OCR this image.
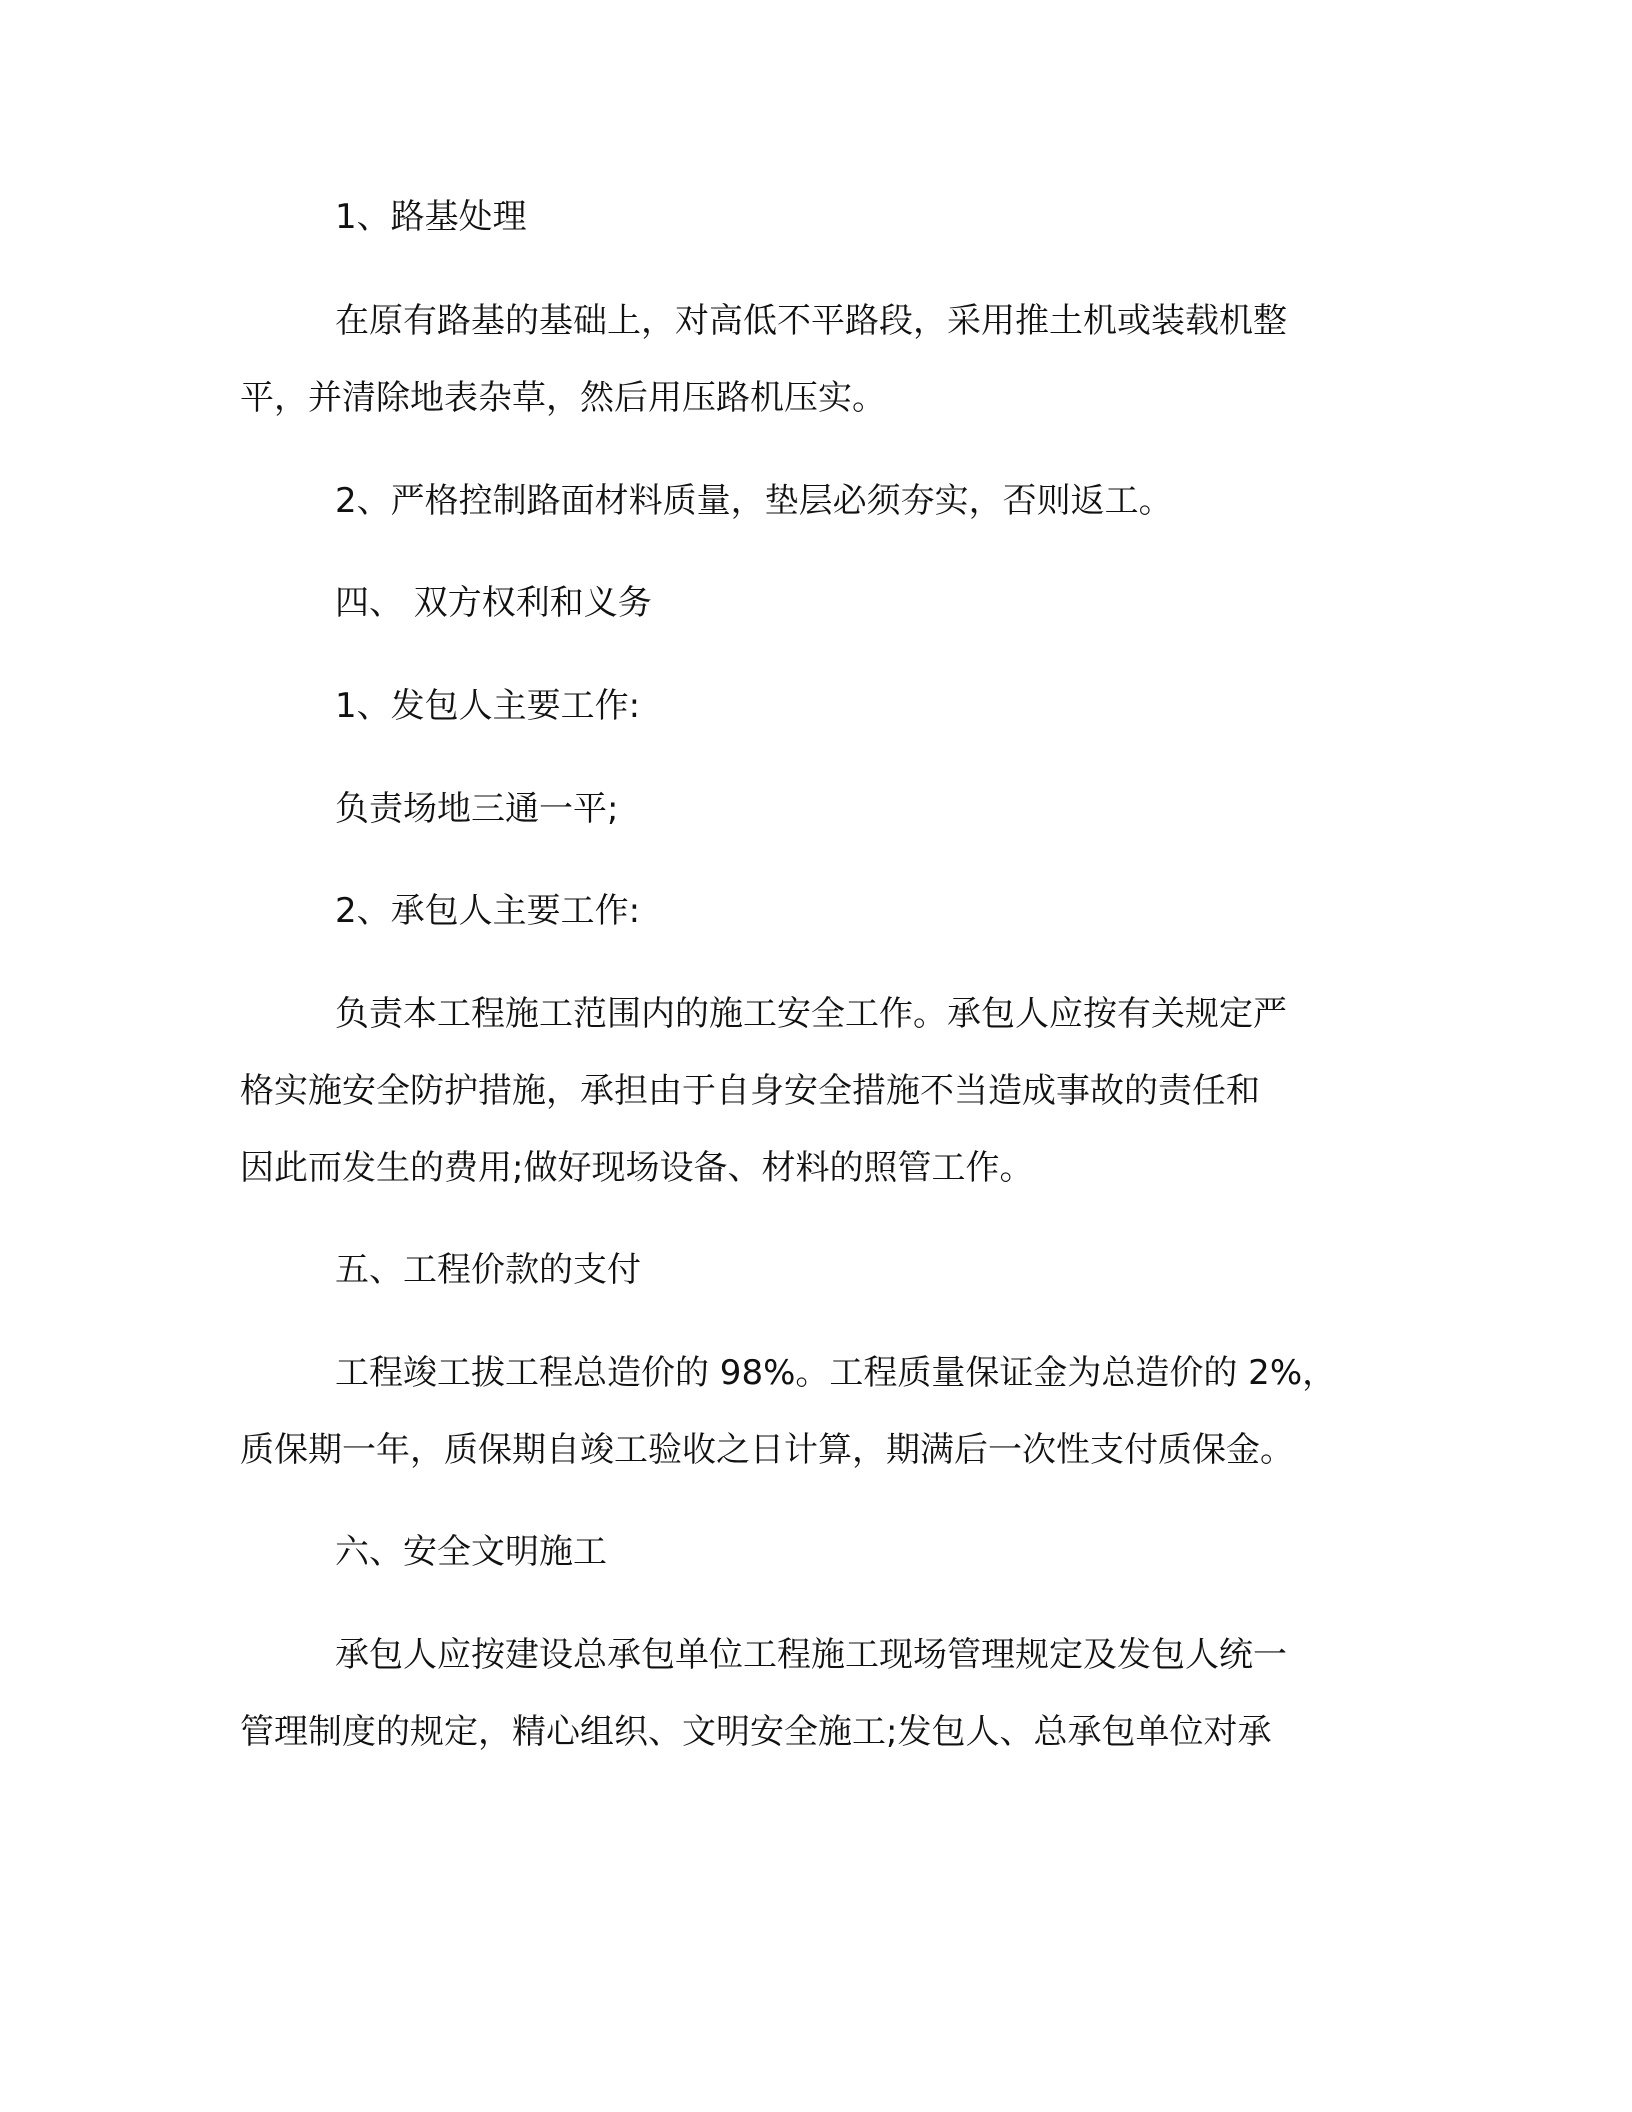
1、路基处理
在原有路基的基础上，对高低不平路段，采用推土机或装载机整
平，并清除地表杂草，然后用压路机压实。
2、严格控制路面材料质量，垫层必须夯实，否则返工。
四、 双方权利和义务
1、发包人主要工作:
负责场地三通一平;
2、承包人主要工作:
负责本工程施工范围内的施工安全工作。承包人应按有关规定严
格实施安全防护措施，承担由于自身安全措施不当造成事故的责任和
因此而发生的费用;做好现场设备、材料的照管工作。
五、工程价款的支付
工程竣工拔工程总造价的 98%。工程质量保证金为总造价的 2%，
质保期一年，质保期自竣工验收之日计算，期满后一次性支付质保金。
六、安全文明施工
承包人应按建设总承包单位工程施工现场管理规定及发包人统一
管理制度的规定，精心组织、文明安全施工;发包人、总承包单位对承
